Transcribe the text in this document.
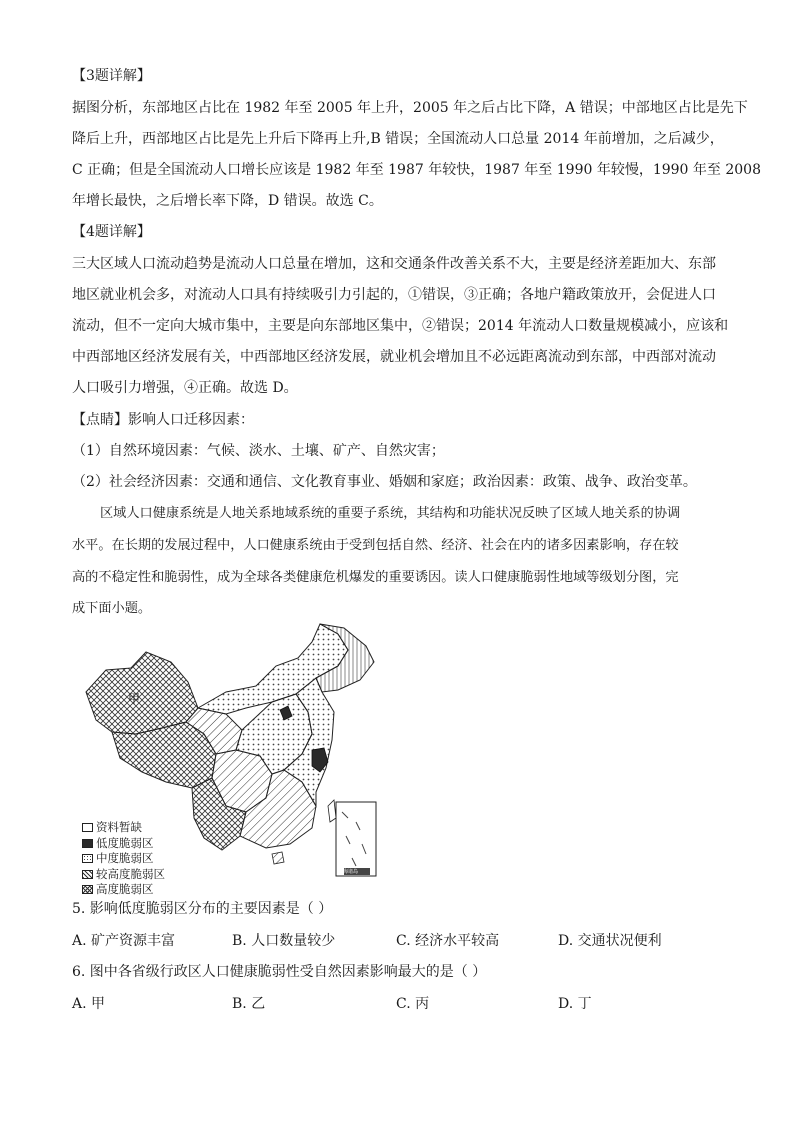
【3题详解】
据图分析，东部地区占比在 1982 年至 2005 年上升，2005 年之后占比下降，A 错误；中部地区占比是先下
降后上升，西部地区占比是先上升后下降再上升,B 错误；全国流动人口总量 2014 年前增加，之后减少，
C 正确；但是全国流动人口增长应该是 1982 年至 1987 年较快，1987 年至 1990 年较慢，1990 年至 2008
年增长最快，之后增长率下降，D 错误。故选 C。
【4题详解】
三大区域人口流动趋势是流动人口总量在增加，这和交通条件改善关系不大，主要是经济差距加大、东部
地区就业机会多，对流动人口具有持续吸引力引起的，①错误，③正确；各地户籍政策放开，会促进人口
流动，但不一定向大城市集中，主要是向东部地区集中，②错误；2014 年流动人口数量规模减小，应该和
中西部地区经济发展有关，中西部地区经济发展，就业机会增加且不必远距离流动到东部，中西部对流动
人口吸引力增强，④正确。故选 D。
【点睛】影响人口迁移因素：
（1）自然环境因素：气候、淡水、土壤、矿产、自然灾害；
（2）社会经济因素：交通和通信、文化教育事业、婚姻和家庭；政治因素：政策、战争、政治变革。
区域人口健康系统是人地关系地域系统的重要子系统，其结构和功能状况反映了区域人地关系的协调
水平。在长期的发展过程中，人口健康系统由于受到包括自然、经济、社会在内的诸多因素影响，存在较
高的不稳定性和脆弱性，成为全球各类健康危机爆发的重要诱因。读人口健康脆弱性地域等级划分图，完
成下面小题。
甲
南海诸岛
资料暂缺
低度脆弱区
中度脆弱区
较高度脆弱区
高度脆弱区
5. 影响低度脆弱区分布的主要因素是（ ）
A. 矿产资源丰富	B. 人口数量较少	C. 经济水平较高	D. 交通状况便利
6. 图中各省级行政区人口健康脆弱性受自然因素影响最大的是（ ）
A. 甲	B. 乙	C. 丙	D. 丁
